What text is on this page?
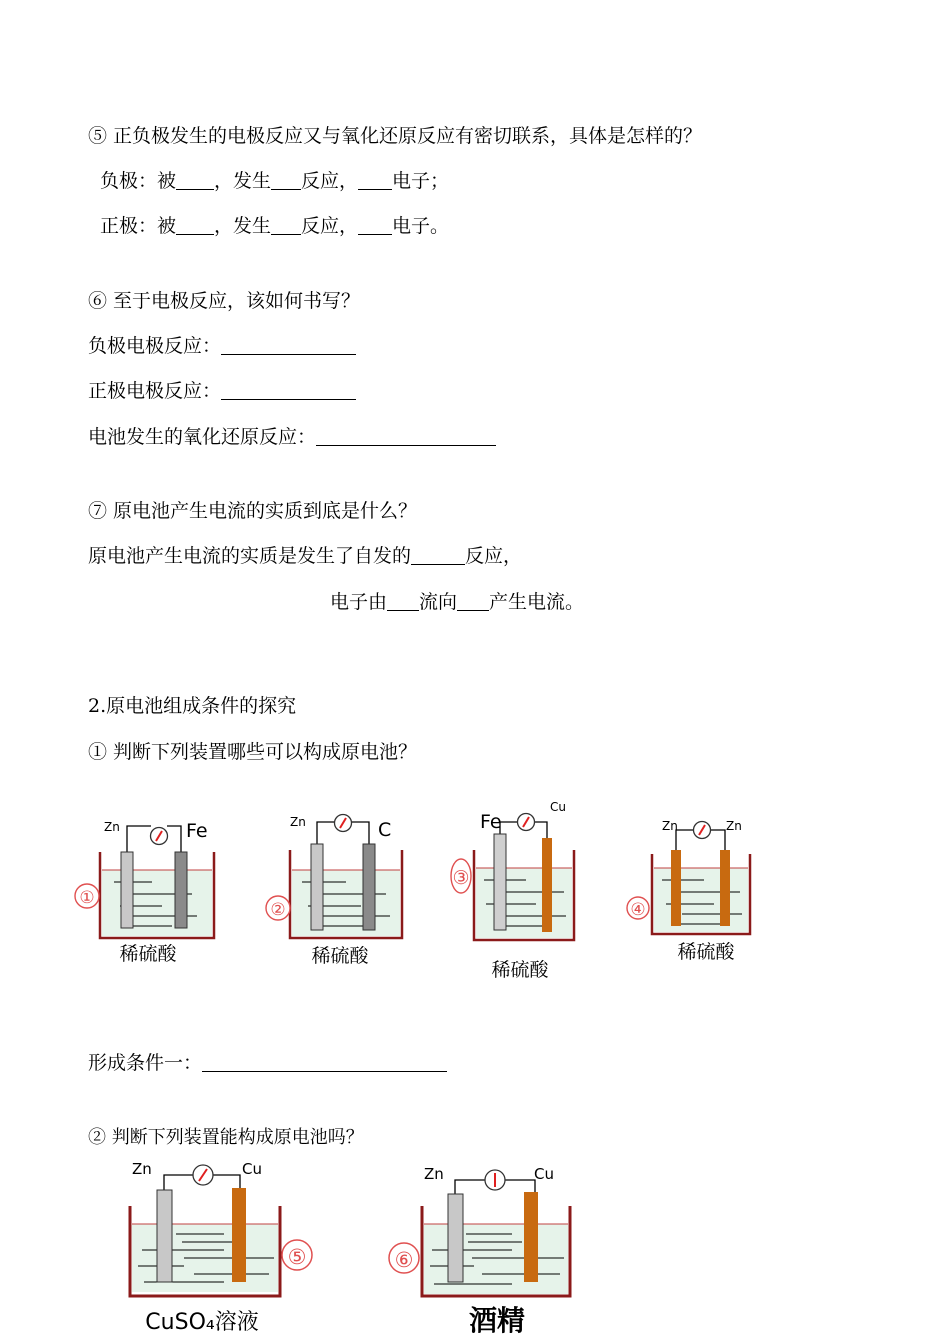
⑤ 正负极发生的电极反应又与氧化还原反应有密切联系，具体是怎样的？
负极：被 ，发生 反应， 电子；
正极：被 ，发生 反应， 电子。
⑥ 至于电极反应，该如何书写？
负极电极反应：
正极电极反应：
电池发生的氧化还原反应：
⑦ 原电池产生电流的实质到底是什么？
原电池产生电流的实质是发生了自发的	反应，
电子由 流向 产生电流。
2.原电池组成条件的探究
① 判断下列装置哪些可以构成原电池？
Zn	Fe
①
稀硫酸
Zn	C
②
稀硫酸
Fe
Cu
③
稀硫酸
Zn	Zn
④
稀硫酸
形成条件一：
② 判断下列装置能构成原电池吗？
Zn	Cu
⑤
CuSO₄溶液
Zn	Cu
⑥
酒精
